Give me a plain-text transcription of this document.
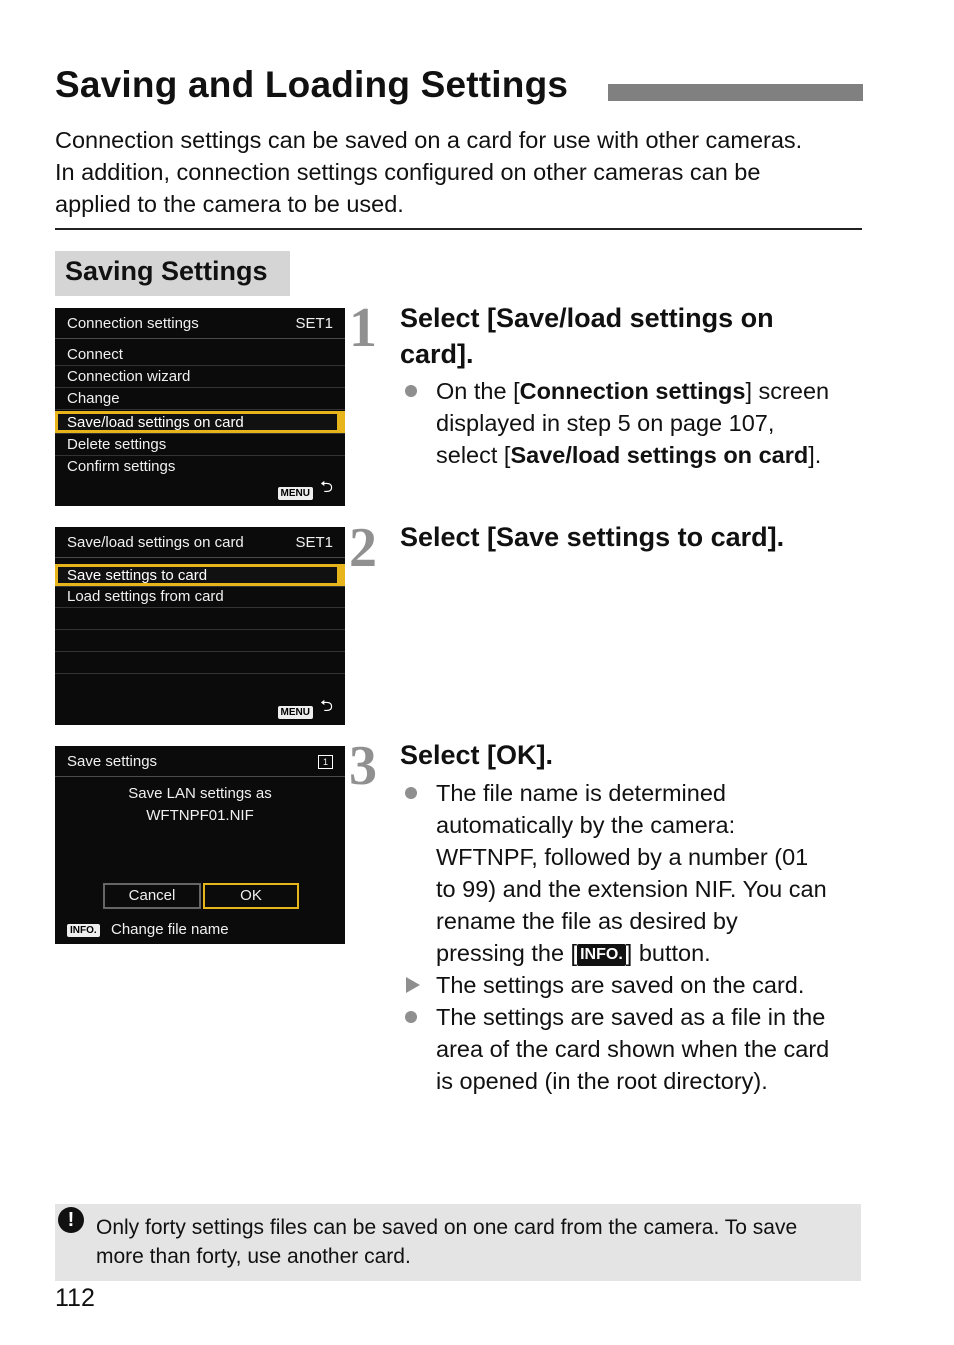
Saving and Loading Settings
Connection settings can be saved on a card for use with other cameras.
In addition, connection settings configured on other cameras can be
applied to the camera to be used.
Saving Settings
Connection settings	SET1
Connect
Connection wizard
Change
Save/load settings on card
Delete settings
Confirm settings
MENU ⮌
Save/load settings on card	SET1
Save settings to card
Load settings from card
MENU ⮌
Save settings	1
Save LAN settings as
WFTNPF01.NIF
Cancel	OK
INFO. Change file name
1 Select [Save/load settings on
card].
On the [Connection settings] screen
displayed in step 5 on page 107,
select [Save/load settings on card].
2 Select [Save settings to card].
3 Select [OK].
The file name is determined
automatically by the camera:
WFTNPF, followed by a number (01
to 99) and the extension NIF. You can
rename the file as desired by
pressing the [ INFO. ] button.
The settings are saved on the card.
The settings are saved as a file in the
area of the card shown when the card
is opened (in the root directory).
!	Only forty settings files can be saved on one card from the camera. To save
more than forty, use another card.
112
